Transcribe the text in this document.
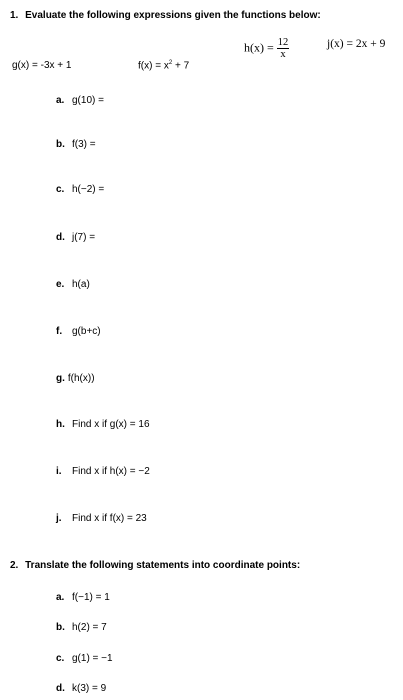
1. Evaluate the following expressions given the functions below:
g(x) = -3x + 1	$f(x) = x^2 + 7$
$h(x) = \frac{12}{x}$	j(x) = 2x + 9
a. g(10) =
b. f(3) =
c. h(−2) =
d. j(7) =
e. h(a)
f. g(b+c)
g. f(h(x))
h. Find x if g(x) = 16
i. Find x if h(x) = −2
j. Find x if f(x) = 23
2. Translate the following statements into coordinate points:
a. f(−1) = 1
b. h(2) = 7
c. g(1) = −1
d. k(3) = 9
